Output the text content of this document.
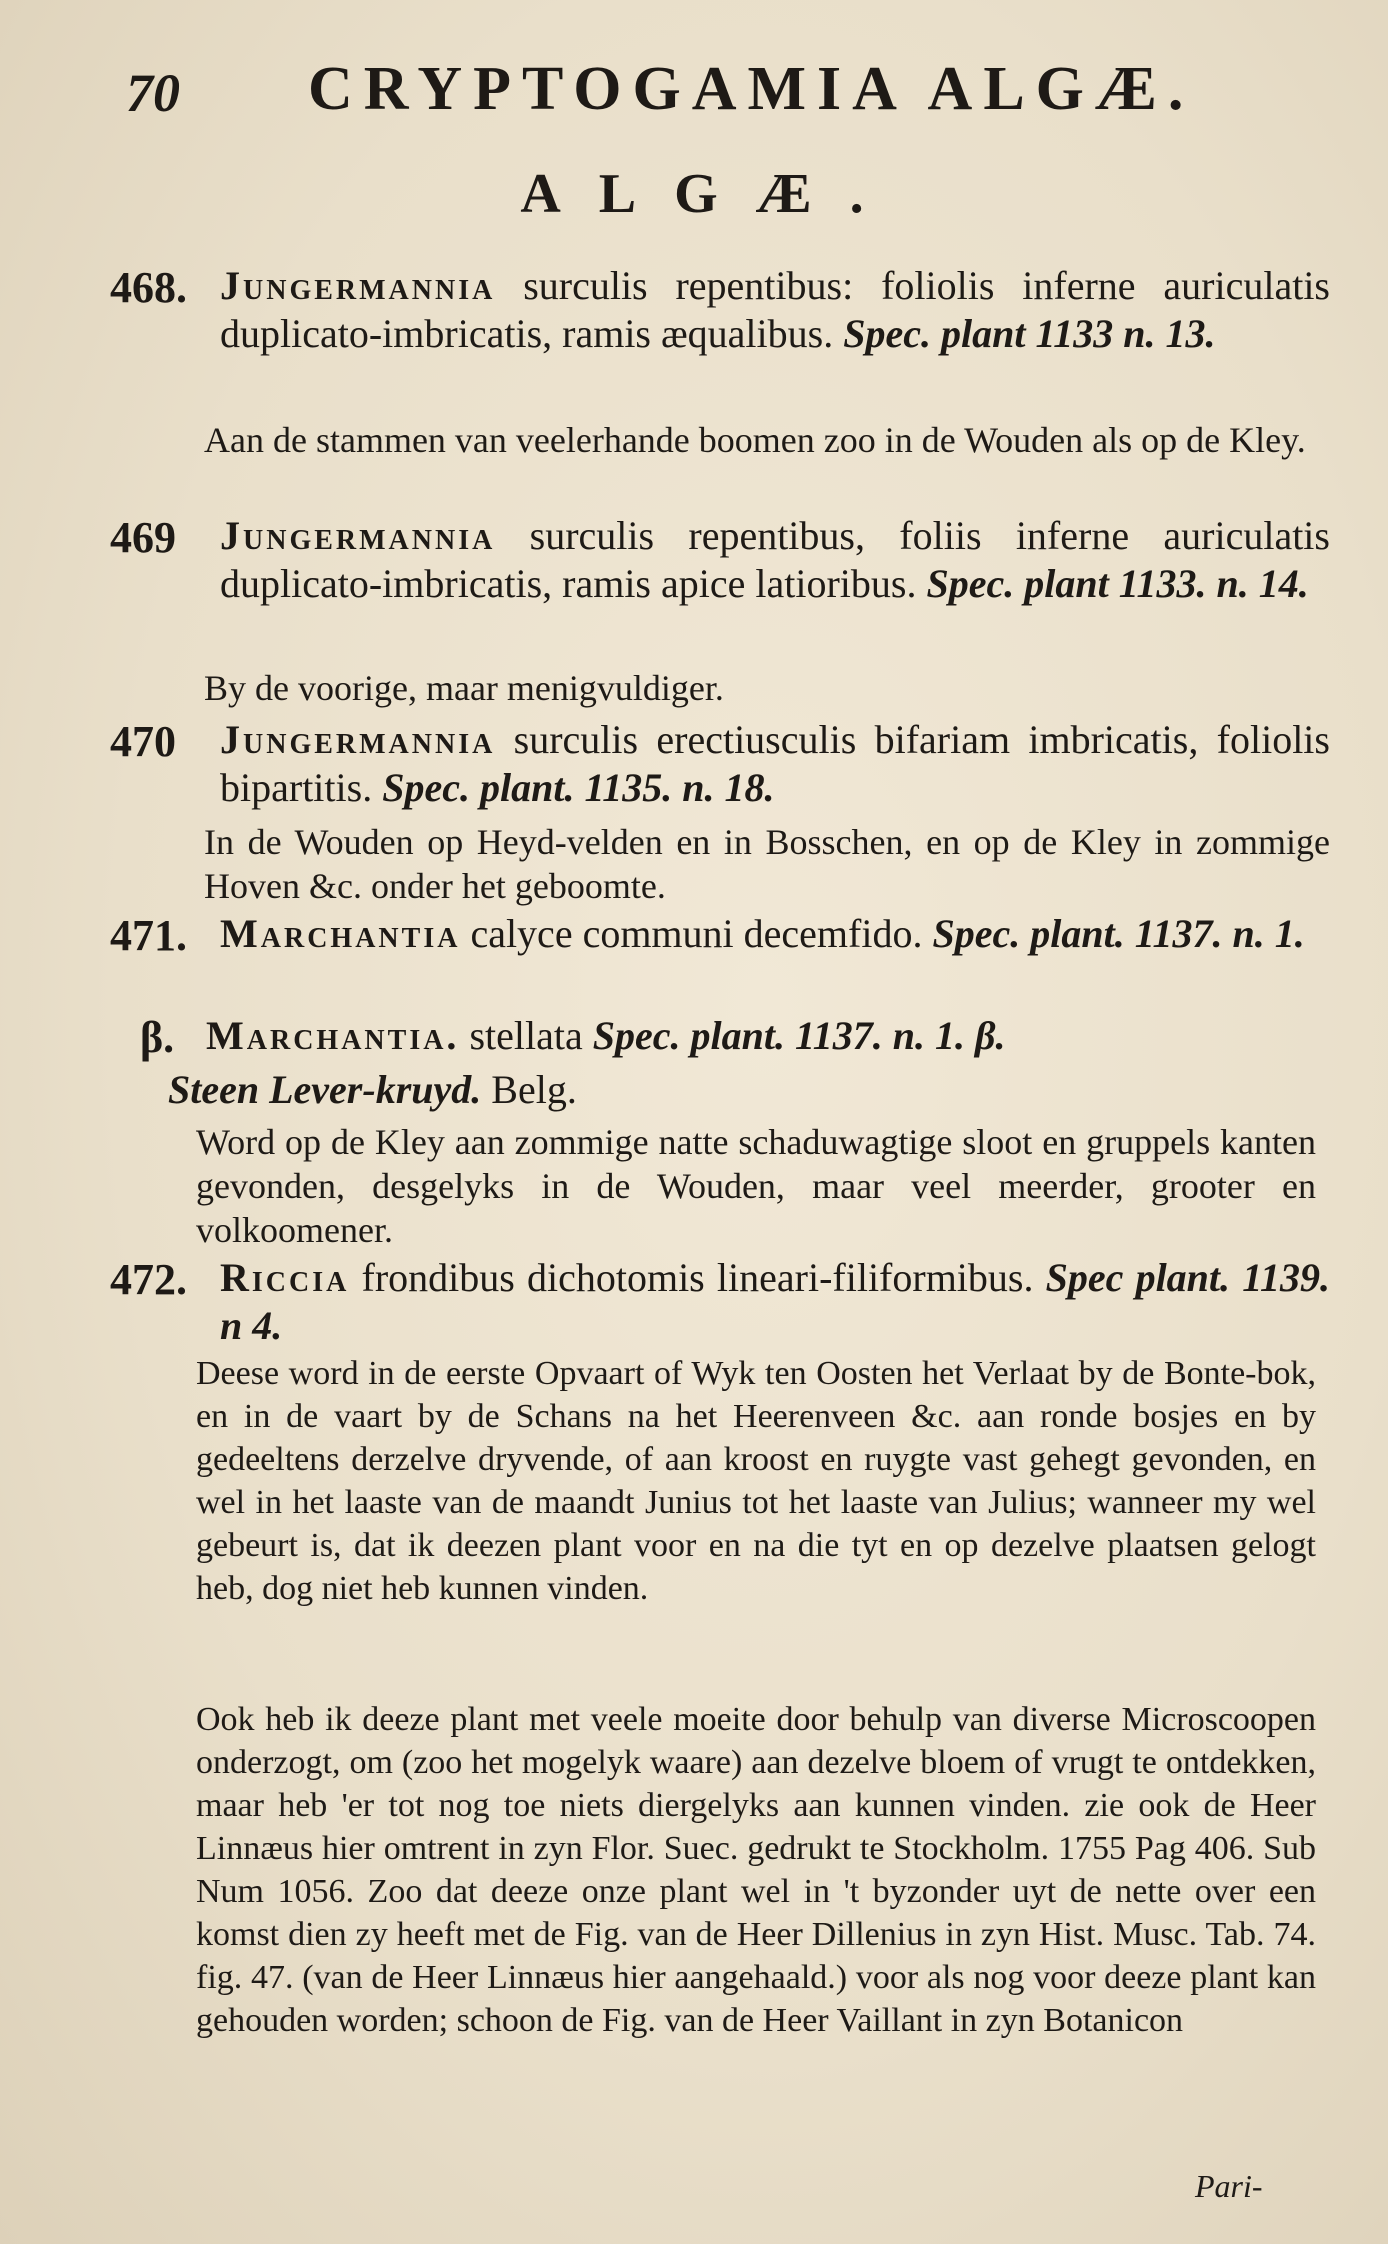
70 CRYPTOGAMIA ALGÆ.
ALGÆ.
468. Jungermannia surculis repentibus: foliolis inferne auriculatis duplicato-imbricatis, ramis æqualibus. Spec. plant 1133 n. 13.
Aan de stammen van veelerhande boomen zoo in de Wouden als op de Kley.
469	Jungermannia surculis repentibus, foliis inferne auriculatis duplicato-imbricatis, ramis apice latioribus. Spec. plant 1133. n. 14.
By de voorige, maar menigvuldiger.
470	Jungermannia surculis erectiusculis bifariam imbricatis, foliolis bipartitis. Spec. plant. 1135. n. 18.
In de Wouden op Heyd-velden en in Bosschen, en op de Kley in zommige Hoven &c. onder het geboomte.
471. Marchantia calyce communi decemfido. Spec. plant. 1137. n. 1.
β. Marchantia. stellata Spec. plant. 1137. n. 1. β.
Steen Lever-kruyd. Belg.
Word op de Kley aan zommige natte schaduwagtige sloot en gruppels kanten gevonden, desgelyks in de Wouden, maar veel meerder, grooter en volkoomener.
472. Riccia frondibus dichotomis lineari-filiformibus. Spec plant. 1139. n 4.
Deese word in de eerste Opvaart of Wyk ten Oosten het Verlaat by de Bonte-bok, en in de vaart by de Schans na het Heerenveen &c. aan ronde bosjes en by gedeeltens derzelve dryvende, of aan kroost en ruygte vast gehegt gevonden, en wel in het laaste van de maandt Junius tot het laaste van Julius; wanneer my wel gebeurt is, dat ik deezen plant voor en na die tyt en op dezelve plaatsen gelogt heb, dog niet heb kunnen vinden.
Ook heb ik deeze plant met veele moeite door behulp van diverse Microscoopen onderzogt, om (zoo het mogelyk waare) aan dezelve bloem of vrugt te ontdekken, maar heb 'er tot nog toe niets diergelyks aan kunnen vinden. zie ook de Heer Linnæus hier omtrent in zyn Flor. Suec. gedrukt te Stockholm. 1755 Pag 406. Sub Num 1056. Zoo dat deeze onze plant wel in 't byzonder uyt de nette over een komst dien zy heeft met de Fig. van de Heer Dillenius in zyn Hist. Musc. Tab. 74. fig. 47. (van de Heer Linnæus hier aangehaald.) voor als nog voor deeze plant kan gehouden worden; schoon de Fig. van de Heer Vaillant in zyn Botanicon
Pari-
